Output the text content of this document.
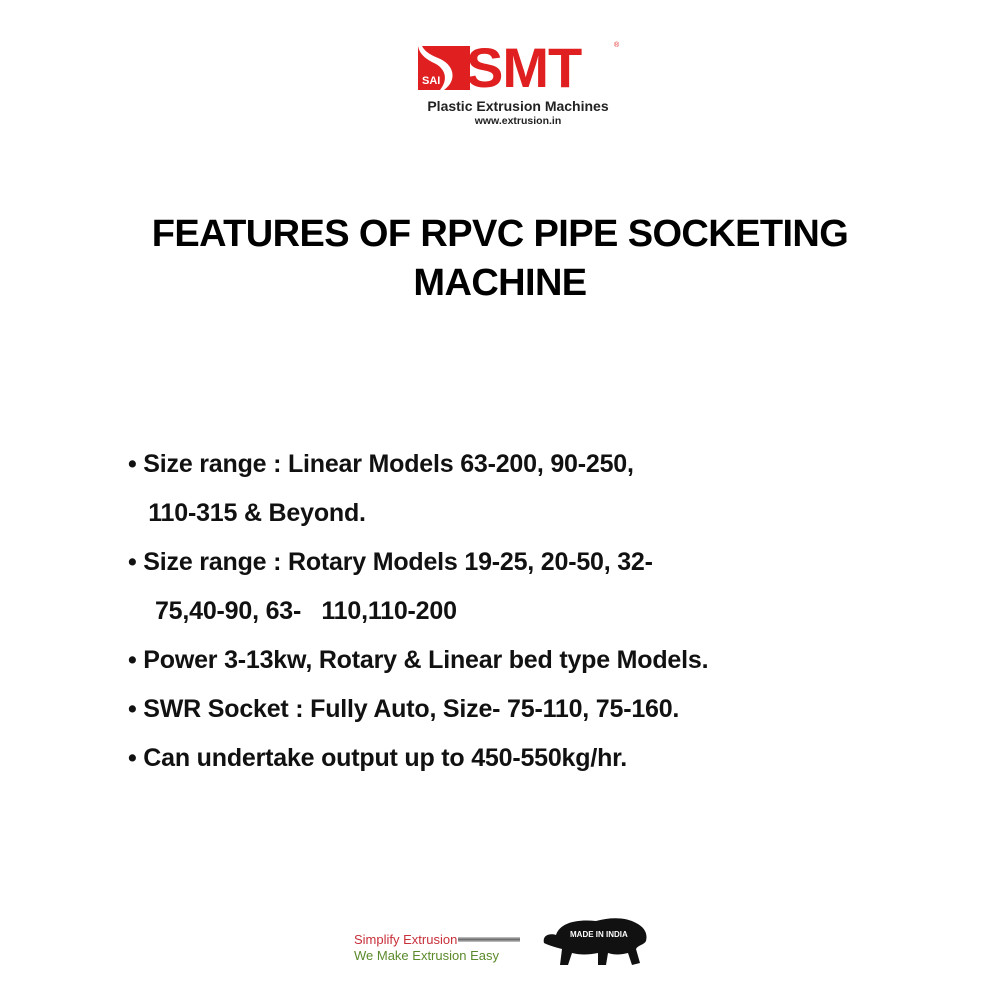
SAI SMT	®
Plastic Extrusion Machines
www.extrusion.in
FEATURES OF RPVC PIPE SOCKETING
MACHINE
• Size range : Linear Models 63-200, 90-250,
110-315 & Beyond.
• Size range : Rotary Models 19-25, 20-50, 32-
75,40-90, 63-   110,110-200
• Power 3-13kw, Rotary & Linear bed type Models.
• SWR Socket : Fully Auto, Size- 75-110, 75-160.
• Can undertake output up to 450-550kg/hr.
Simplify Extrusion
We Make Extrusion Easy
MADE IN INDIA
